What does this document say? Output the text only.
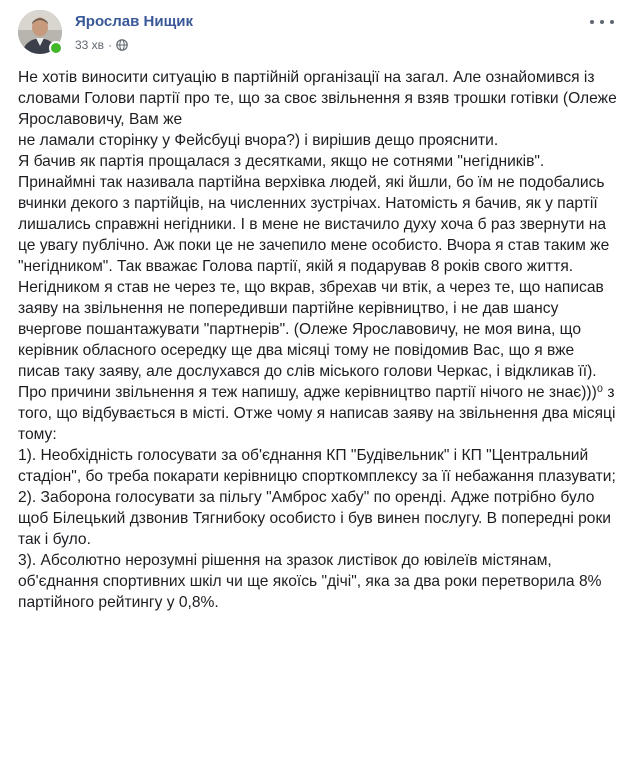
Ярослав Нищик
33 хв ·

Не хотів виносити ситуацію в партійній організації на загал. Але ознайомився із словами Голови партії про те, що за своє звільнення я взяв трошки готівки (Олеже Ярославовичу, Вам же
не ламали сторінку у Фейсбуці вчора?) і вирішив дещо прояснити.

Я бачив як партія прощалася з десятками, якщо не сотнями "негідників". Принаймні так називала партійна верхівка людей, які йшли, бо їм не подобались вчинки декого з партійців, на численних зустрічах. Натомість я бачив, як у партії лишались справжні негідники. І в мене не вистачило духу хоча б раз звернути на це увагу публічно. Аж поки це не зачепило мене особисто. Вчора я став таким же "негідником". Так вважає Голова партії, якій я подарував 8 років свого життя. Негідником я став не через те, що вкрав, збрехав чи втік, а через те, що написав заяву на звільнення не попередивши партійне керівництво, і не дав шансу вчергове пошантажувати "партнерів". (Олеже Ярославовичу, не моя вина, що керівник обласного осередку ще два місяці тому не повідомив Вас, що я вже писав таку заяву, але дослухався до слів міського голови Черкас, і відкликав її).

Про причини звільнення я теж напишу, адже керівництво партії нічого не знає)))⁰ з того, що відбувається в місті. Отже чому я написав заяву на звільнення два місяці тому:

1). Необхідність голосувати за об'єднання КП "Будівельник" і КП "Центральний стадіон", бо треба покарати керівницю спорткомплексу за її небажання плазувати;

2). Заборона голосувати за пільгу "Амброс хабу" по оренді. Адже потрібно було щоб Білецький дзвонив Тягнибоку особисто і був винен послугу. В попередні роки так і було.

3). Абсолютно нерозумні рішення на зразок листівок до ювілеїв містянам, об'єднання спортивних шкіл чи ще якоїсь "дічі", яка за два роки перетворила 8% партійного рейтингу у 0,8%.
